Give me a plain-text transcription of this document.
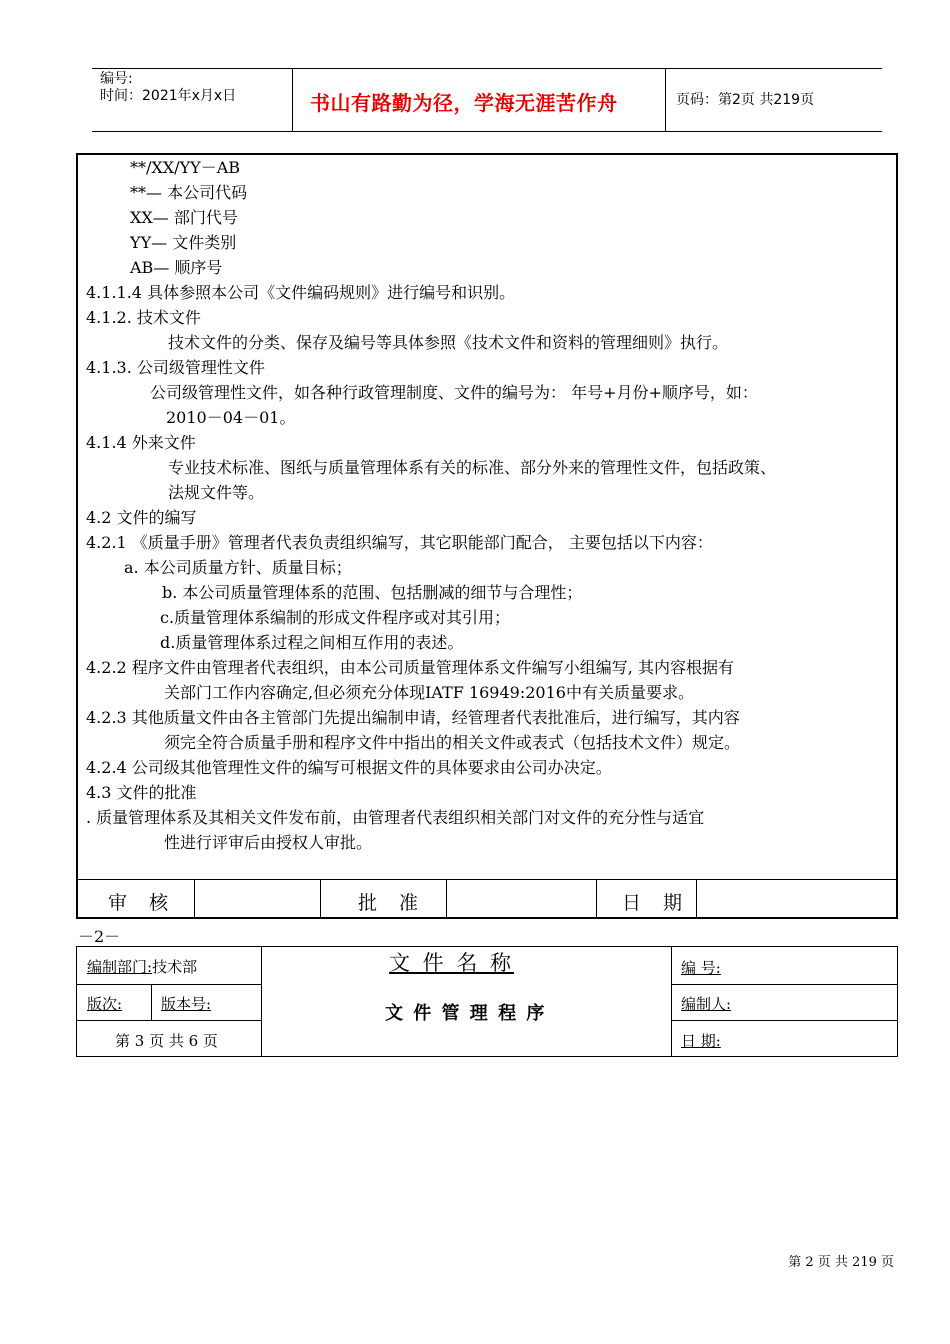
编号:
时间：2021年x月x日	书山有路勤为径，学海无涯苦作舟	页码：第2页 共219页
**/XX/YY－AB
**— 本公司代码
XX— 部门代号
YY— 文件类别
AB— 顺序号
4.1.1.4 具体参照本公司《文件编码规则》进行编号和识别。
4.1.2. 技术文件
技术文件的分类、保存及编号等具体参照《技术文件和资料的管理细则》执行。
4.1.3. 公司级管理性文件
公司级管理性文件，如各种行政管理制度、文件的编号为： 年号+月份+顺序号，如：
2010－04－01。
4.1.4 外来文件
专业技术标准、图纸与质量管理体系有关的标准、部分外来的管理性文件，包括政策、
法规文件等。
4.2 文件的编写
4.2.1 《质量手册》管理者代表负责组织编写，其它职能部门配合， 主要包括以下内容：
a. 本公司质量方针、质量目标；
b. 本公司质量管理体系的范围、包括删减的细节与合理性；
c.质量管理体系编制的形成文件程序或对其引用；
d.质量管理体系过程之间相互作用的表述。
4.2.2 程序文件由管理者代表组织，由本公司质量管理体系文件编写小组编写, 其内容根据有
关部门工作内容确定,但必须充分体现IATF 16949:2016中有关质量要求。
4.2.3 其他质量文件由各主管部门先提出编制申请，经管理者代表批准后，进行编写，其内容
须完全符合质量手册和程序文件中指出的相关文件或表式（包括技术文件）规定。
4.2.4 公司级其他管理性文件的编写可根据文件的具体要求由公司办决定。
4.3 文件的批准
. 质量管理体系及其相关文件发布前，由管理者代表组织相关部门对文件的充分性与适宜
性进行评审后由授权人审批。
审 核	批 准	日 期
－2－
编制部门:技术部
版次:	版本号:
第 3 页 共 6 页
文 件 名 称
文 件 管 理 程 序
编 号:
编制人:
日 期:
第 2 页 共 219 页
